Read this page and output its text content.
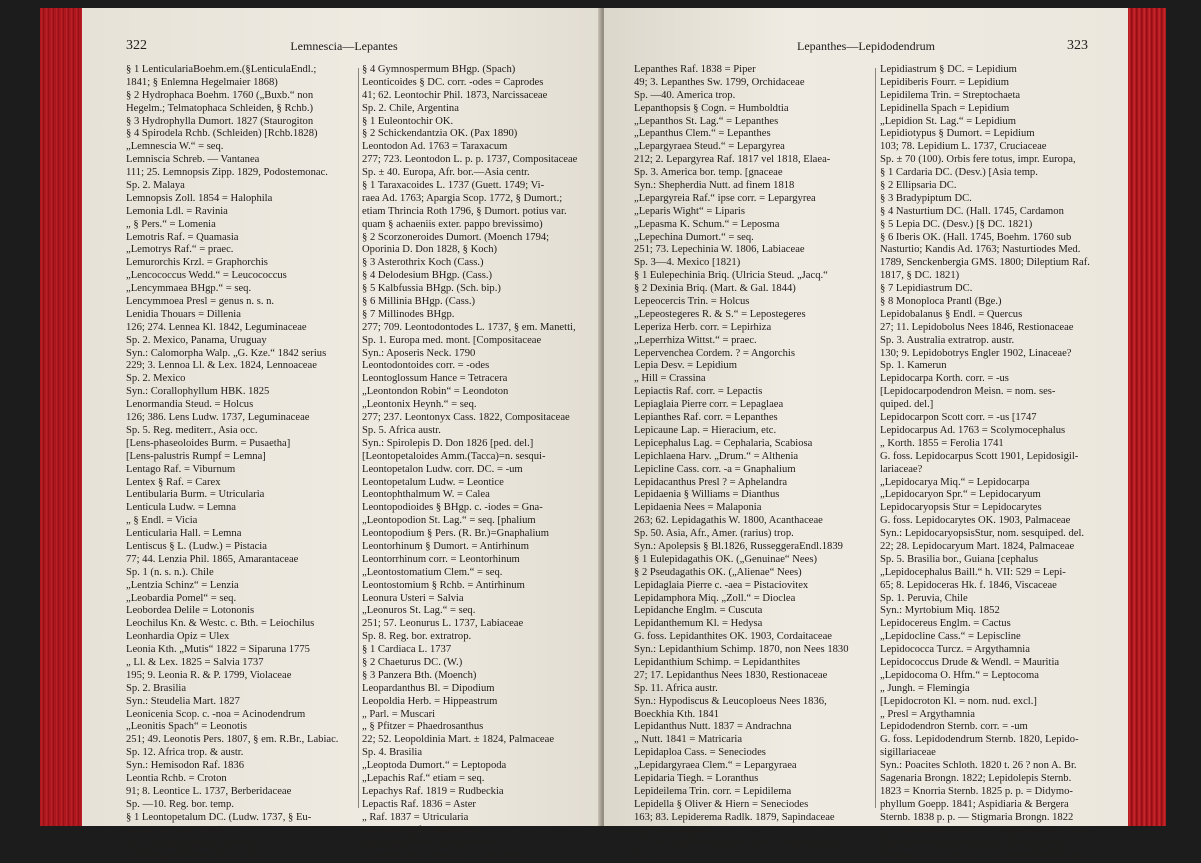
322	Lemnescia—Lepantes
§ 1 LenticulariaBoehm.em.(§LenticulaEndl.;
1841; § Enlemna Hegelmaier 1868)
§ 2 Hydrophaca Boehm. 1760 („Buxb.“ non
Hegelm.; Telmatophaca Schleiden, § Rchb.)
§ 3 Hydrophylla Dumort. 1827 (Staurogiton
§ 4 Spirodela Rchb. (Schleiden) [Rchb.1828)
„Lemnescia W.“ = seq.
Lemniscia Schreb. — Vantanea
111; 25. Lemnopsis Zipp. 1829, Podostemonac.
Sp. 2. Malaya
Lemnopsis Zoll. 1854 = Halophila
Lemonia Ldl. = Ravinia
„ § Pers.“ = Lomenia
Lemotris Raf. = Quamasia
„Lemotrys Raf.“ = praec.
Lemurorchis Krzl. = Graphorchis
„Lencococcus Wedd.“ = Leucococcus
„Lencymmaea BHgp.“ = seq.
Lencymmoea Presl = genus n. s. n.
Lenidia Thouars = Dillenia
126; 274. Lennea Kl. 1842, Leguminaceae
Sp. 2. Mexico, Panama, Uruguay
Syn.: Calomorpha Walp. „G. Kze.“ 1842 serius
229; 3. Lennoa Ll. & Lex. 1824, Lennoaceae
Sp. 2. Mexico
Syn.: Corallophyllum HBK. 1825
Lenormandia Steud. = Holcus
126; 386. Lens Ludw. 1737, Leguminaceae
Sp. 5. Reg. mediterr., Asia occ.
[Lens-phaseoloides Burm. = Pusaetha]
[Lens-palustris Rumpf = Lemna]
Lentago Raf. = Viburnum
Lentex § Raf. = Carex
Lentibularia Burm. = Utricularia
Lenticula Ludw. = Lemna
„ § Endl. = Vicia
Lenticularia Hall. = Lemna
Lentiscus § L. (Ludw.) = Pistacia
77; 44. Lenzia Phil. 1865, Amarantaceae
Sp. 1 (n. s. n.). Chile
„Lentzia Schinz“ = Lenzia
„Leobardia Pomel“ = seq.
Leobordea Delile = Lotononis
Leochilus Kn. & Westc. c. Bth. = Leiochilus
Leonhardia Opiz = Ulex
Leonia Kth. „Mutis“ 1822 = Siparuna 1775
„ Ll. & Lex. 1825 = Salvia 1737
195; 9. Leonia R. & P. 1799, Violaceae
Sp. 2. Brasilia
Syn.: Steudelia Mart. 1827
Leonicenia Scop. c. -noa = Acinodendrum
„Leonitis Spach“ = Leonotis
251; 49. Leonotis Pers. 1807, § em. R.Br., Labiac.
Sp. 12. Africa trop. & austr.
Syn.: Hemisodon Raf. 1836
Leontia Rchb. = Croton
91; 8. Leontice L. 1737, Berberidaceae
Sp. —10. Reg. bor. temp.
§ 1 Leontopetalum DC. (Ludw. 1737, § Eu-
leontice § Prantl 1888)
§ 2 Caulophyllum DC. (Mchx.)
§ 3 Bongardia Nym. (C. A. Mey.)
§ 4 Gymnospermum BHgp. (Spach)
Leonticoides § DC. corr. -odes = Caprodes
41; 62. Leontochir Phil. 1873, Narcissaceae
Sp. 2. Chile, Argentina
§ 1 Euleontochir OK.
§ 2 Schickendantzia OK. (Pax 1890)
Leontodon Ad. 1763 = Taraxacum
277; 723. Leontodon L. p. p. 1737, Compositaceae
Sp. ± 40. Europa, Afr. bor.—Asia centr.
§ 1 Taraxacoides L. 1737 (Guett. 1749; Vi-
raea Ad. 1763; Apargia Scop. 1772, § Dumort.;
etiam Thrincia Roth 1796, § Dumort. potius var.
quam § achaeniis exter. pappo brevissimo)
§ 2 Scorzoneroides Dumort. (Moench 1794;
Oporinia D. Don 1828, § Koch)
§ 3 Asterothrix Koch (Cass.)
§ 4 Delodesium BHgp. (Cass.)
§ 5 Kalbfussia BHgp. (Sch. bip.)
§ 6 Millinia BHgp. (Cass.)
§ 7 Millinodes BHgp.
277; 709. Leontodontodes L. 1737, § em. Manetti,
Sp. 1. Europa med. mont. [Compositaceae
Syn.: Aposeris Neck. 1790
Leontodontoides corr. = -odes
Leontoglossum Hance = Tetracera
„Leontondon Robin“ = Leondoton
„Leontonix Heynh.“ = seq.
277; 237. Leontonyx Cass. 1822, Compositaceae
Sp. 5. Africa austr.
Syn.: Spirolepis D. Don 1826 [ped. del.]
[Leontopetaloides Amm.(Tacca)=n. sesqui-
Leontopetalon Ludw. corr. DC. = -um
Leontopetalum Ludw. = Leontice
Leontophthalmum W. = Calea
Leontopodioides § BHgp. c. -iodes = Gna-
„Leontopodion St. Lag.“ = seq. [phalium
Leontopodium § Pers. (R. Br.)=Gnaphalium
Leontorhinum § Dumort. = Antirhinum
Leontorrhinum corr. = Leontorhinum
„Leontostomatium Clem.“ = seq.
Leontostomium § Rchb. = Antirhinum
Leonura Usteri = Salvia
„Leonuros St. Lag.“ = seq.
251; 57. Leonurus L. 1737, Labiaceae
Sp. 8. Reg. bor. extratrop.
§ 1 Cardiaca L. 1737
§ 2 Chaeturus DC. (W.)
§ 3 Panzera Bth. (Moench)
Leopardanthus Bl. = Dipodium
Leopoldia Herb. = Hippeastrum
„ Parl. = Muscari
„ § Pfitzer = Phaedrosanthus
22; 52. Leopoldinia Mart. ± 1824, Palmaceae
Sp. 4. Brasilia
„Leoptoda Dumort.“ = Leptopoda
„Lepachis Raf.“ etiam = seq.
Lepachys Raf. 1819 = Rudbeckia
Lepactis Raf. 1836 = Aster
„ Raf. 1837 = Utricularia
Lepadena Raf. = Euphorbia
Lepaglaea Pierre = Pistaciovitex
„Lepantes Sw.“ ipse corr. = Lepanthes
Lepanthes—Lepidodendrum	323
Lepanthes Raf. 1838 = Piper
49; 3. Lepanthes Sw. 1799, Orchidaceae
Sp. —40. America trop.
Lepanthopsis § Cogn. = Humboldtia
„Lepanthos St. Lag.“ = Lepanthes
„Lepanthus Clem.“ = Lepanthes
„Lepargyraea Steud.“ = Lepargyrea
212; 2. Lepargyrea Raf. 1817 vel 1818, Elaea-
Sp. 3. America bor. temp. [gnaceae
Syn.: Shepherdia Nutt. ad finem 1818
„Lepargyreia Raf.“ ipse corr. = Lepargyrea
„Leparis Wight“ = Liparis
„Lepasma K. Schum.“ = Leposma
„Lepechina Dumort.“ = seq.
251; 73. Lepechinia W. 1806, Labiaceae
Sp. 3—4. Mexico [1821)
§ 1 Eulepechinia Briq. (Ulricia Steud. „Jacq.“
§ 2 Dexinia Briq. (Mart. & Gal. 1844)
Lepeocercis Trin. = Holcus
„Lepeostegeres R. & S.“ = Lepostegeres
Leperiza Herb. corr. = Lepirhiza
„Leperrhiza Wittst.“ = praec.
Lepervenchea Cordem. ? = Angorchis
Lepia Desv. = Lepidium
„ Hill = Crassina
Lepiactis Raf. corr. = Lepactis
Lepiaglaia Pierre corr. = Lepaglaea
Lepianthes Raf. corr. = Lepanthes
Lepicaune Lap. = Hieracium, etc.
Lepicephalus Lag. = Cephalaria, Scabiosa
Lepichlaena Harv. „Drum.“ = Althenia
Lepicline Cass. corr. -a = Gnaphalium
Lepidacanthus Presl ? = Aphelandra
Lepidaenia § Williams = Dianthus
Lepidaenia Nees = Malaponia
263; 62. Lepidagathis W. 1800, Acanthaceae
Sp. 50. Asia, Afr., Amer. (rarius) trop.
Syn.: Apolepsis § Bl.1826, RusseggeraEndl.1839
§ 1 Eulepidagathis OK. („Genuinae“ Nees)
§ 2 Pseudagathis OK. („Alienae“ Nees)
Lepidaglaia Pierre c. -aea = Pistaciovitex
Lepidamphora Miq. „Zoll.“ = Dioclea
Lepidanche Englm. = Cuscuta
Lepidanthemum Kl. = Hedysa
G. foss. Lepidanthites OK. 1903, Cordaitaceae
Syn.: Lepidanthium Schimp. 1870, non Nees 1830
Lepidanthium Schimp. = Lepidanthites
27; 17. Lepidanthus Nees 1830, Restionaceae
Sp. 11. Africa austr.
Syn.: Hypodiscus & Leucoploeus Nees 1836,
Boeckhia Kth. 1841
Lepidanthus Nutt. 1837 = Andrachna
„ Nutt. 1841 = Matricaria
Lepidaploa Cass. = Seneciodes
„Lepidargyraea Clem.“ = Lepargyraea
Lepidaria Tiegh. = Loranthus
Lepideilema Trin. corr. = Lepidilema
Lepidella § Oliver & Hiern = Seneciodes
163; 83. Lepiderema Radlk. 1879, Sapindaceae
Sp. 1. Ins. papuan.
277; 66. Lepidesmia Klatt 1896, Compositaceae
Sp. 1. Cuba
Lepidiastrum § DC. = Lepidium
Lepidiberis Fourr. = Lepidium
Lepidilema Trin. = Streptochaeta
Lepidinella Spach = Lepidium
„Lepidion St. Lag.“ = Lepidium
Lepidiotypus § Dumort. = Lepidium
103; 78. Lepidium L. 1737, Cruciaceae
Sp. ± 70 (100). Orbis fere totus, impr. Europa,
§ 1 Cardaria DC. (Desv.) [Asia temp.
§ 2 Ellipsaria DC.
§ 3 Bradypiptum DC.
§ 4 Nasturtium DC. (Hall. 1745, Cardamon
§ 5 Lepia DC. (Desv.) [§ DC. 1821)
§ 6 Iberis OK. (Hall. 1745, Boehm. 1760 sub
Nasturtio; Kandis Ad. 1763; Nasturtiodes Med.
1789, Senckenbergia GMS. 1800; Dileptium Raf.
1817, § DC. 1821)
§ 7 Lepidiastrum DC.
§ 8 Monoploca Prantl (Bge.)
Lepidobalanus § Endl. = Quercus
27; 11. Lepidobolus Nees 1846, Restionaceae
Sp. 3. Australia extratrop. austr.
130; 9. Lepidobotrys Engler 1902, Linaceae?
Sp. 1. Kamerun
Lepidocarpa Korth. corr. = -us
[Lepidocarpodendron Meisn. = nom. ses-
quiped. del.]
Lepidocarpon Scott corr. = -us [1747
Lepidocarpus Ad. 1763 = Scolymocephalus
„ Korth. 1855 = Ferolia 1741
G. foss. Lepidocarpus Scott 1901, Lepidosigil-
lariaceae?
„Lepidocarya Miq.“ = Lepidocarpa
„Lepidocaryon Spr.“ = Lepidocaryum
Lepidocaryopsis Stur = Lepidocarytes
G. foss. Lepidocarytes OK. 1903, Palmaceae
Syn.: LepidocaryopsisStur, nom. sesquiped. del.
22; 28. Lepidocaryum Mart. 1824, Palmaceae
Sp. 5. Brasilia bor., Guiana [cephalus
„Lepidocephalus Baill.“ h. VII: 529 = Lepi-
65; 8. Lepidoceras Hk. f. 1846, Viscaceae
Sp. 1. Peruvia, Chile
Syn.: Myrtobium Miq. 1852
Lepidocereus Englm. = Cactus
„Lepidocline Cass.“ = Lepiscline
Lepidococca Turcz. = Argythamnia
Lepidococcus Drude & Wendl. = Mauritia
„Lepidocoma O. Hfm.“ = Leptocoma
„ Jungh. = Flemingia
[Lepidocroton Kl. = nom. nud. excl.]
„ Presl = Argythamnia
Lepidodendron Sternb. corr. = -um
G. foss. Lepidodendrum Sternb. 1820, Lepido-
sigillariaceae
Syn.: Poacites Schloth. 1820 t. 26 ? non A. Br.
Sagenaria Brongn. 1822; Lepidolepis Sternb.
1823 = Knorria Sternb. 1825 p. p. = Didymo-
phyllum Goepp. 1841; Aspidiaria & Bergera
Sternb. 1838 p. p. — Stigmaria Brongn. 1822
p. p. est rhizoma natans — Aspidiopsis Pot. p. p.,
Lyginodendrum Gourlie p. p., Dictyoxylum
Brongn. p. p. (cortex). — Lepidostrobus Brongn.
